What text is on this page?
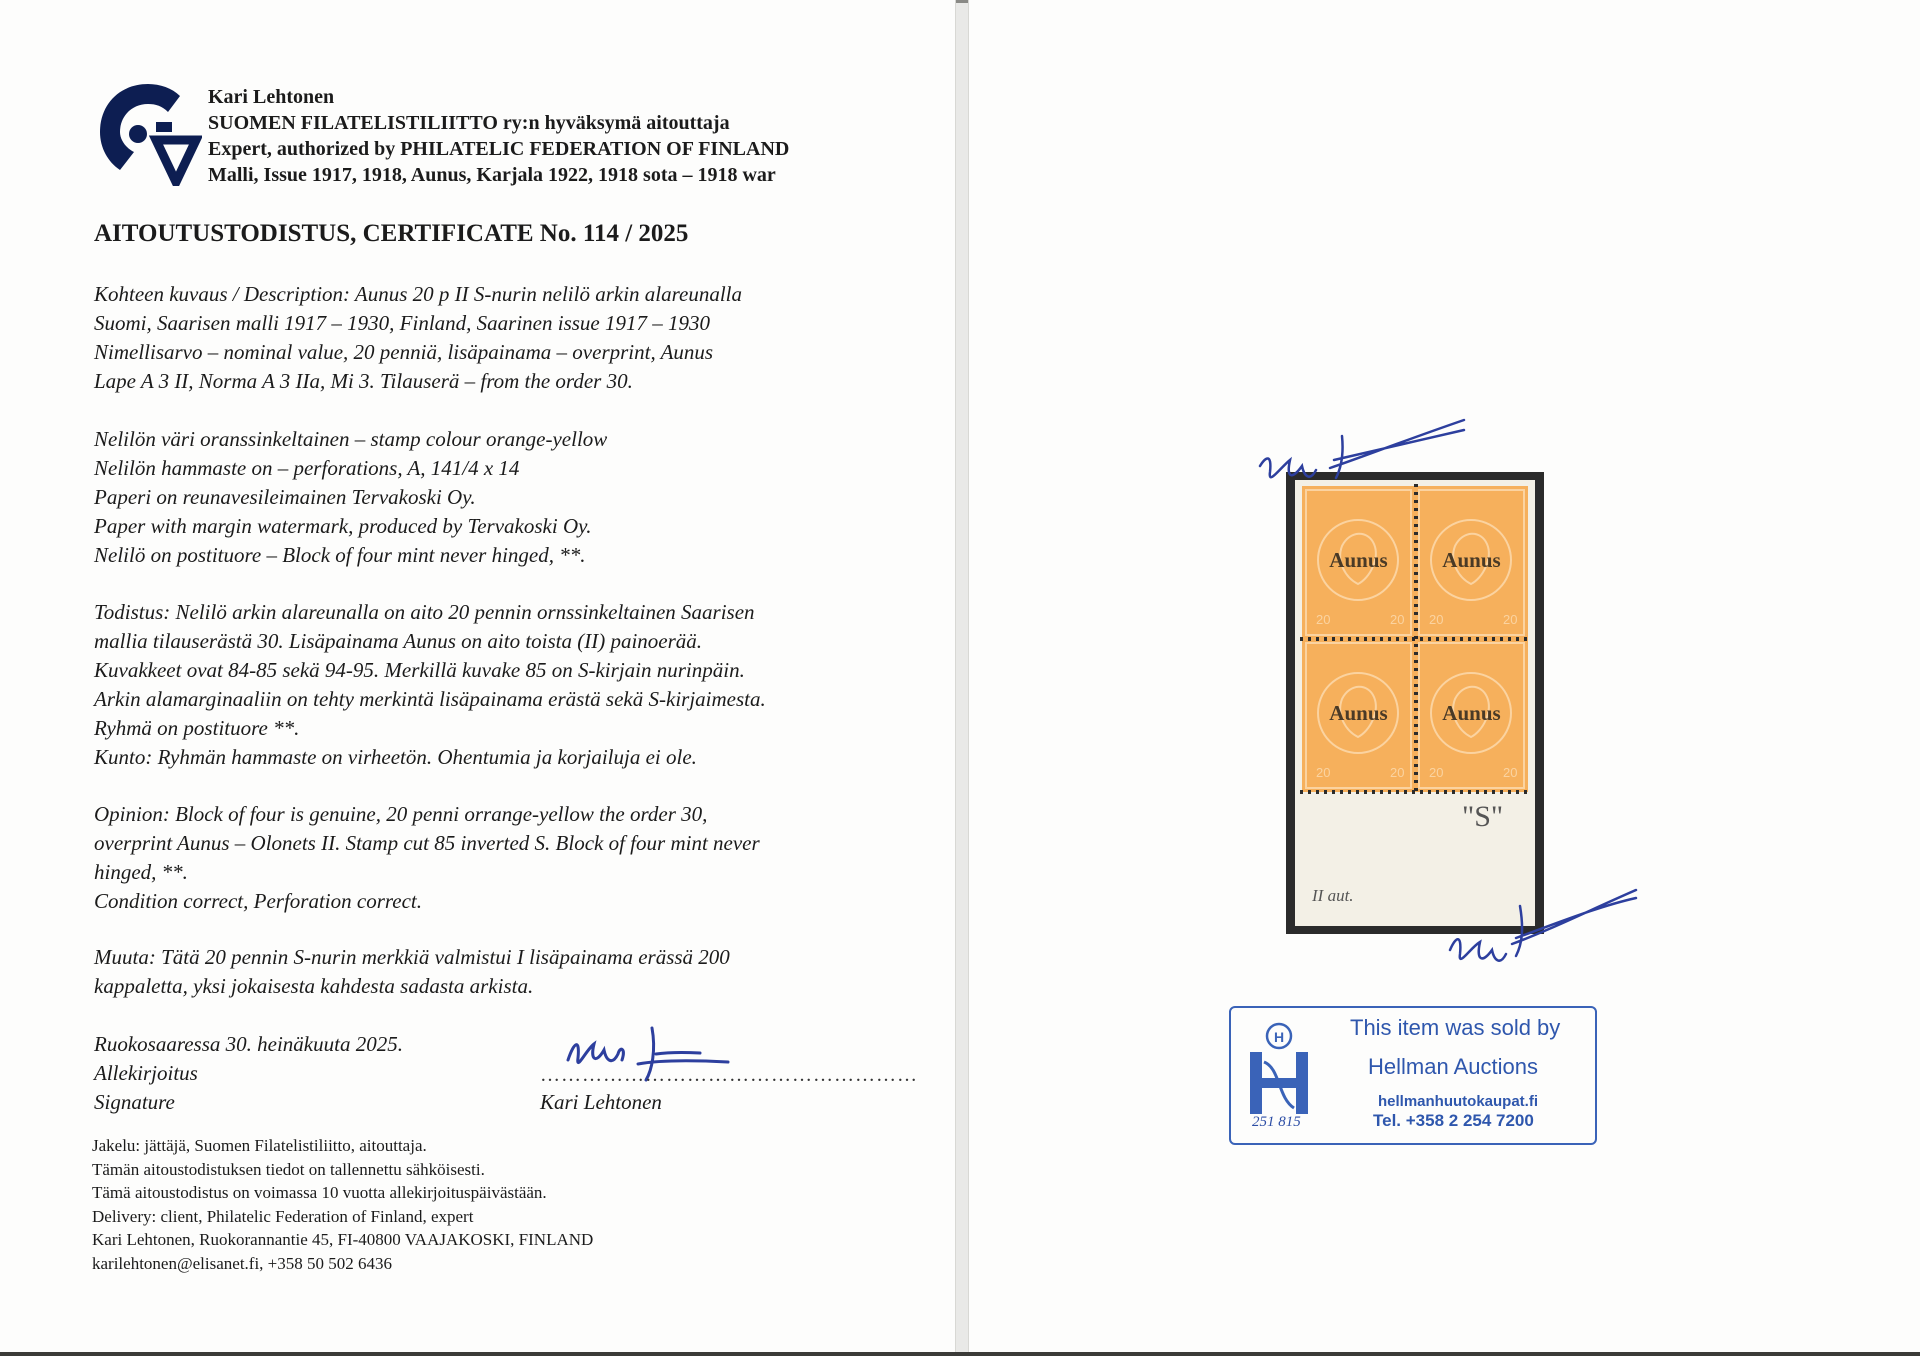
Kari Lehtonen
SUOMEN FILATELISTILIITTO ry:n hyväksymä aitouttaja
Expert, authorized by PHILATELIC FEDERATION OF FINLAND
Malli, Issue 1917, 1918, Aunus, Karjala 1922, 1918 sota – 1918 war
AITOUTUSTODISTUS, CERTIFICATE No. 114 / 2025
Kohteen kuvaus / Description: Aunus 20 p II S-nurin nelilö arkin alareunalla
Suomi, Saarisen malli 1917 – 1930, Finland, Saarinen issue 1917 – 1930
Nimellisarvo – nominal value, 20 penniä, lisäpainama – overprint, Aunus
Lape A 3 II, Norma A 3 IIa, Mi 3. Tilauserä – from the order 30.
Nelilön väri oranssinkeltainen – stamp colour orange-yellow
Nelilön hammaste on – perforations, A, 141/4 x 14
Paperi on reunavesileimainen Tervakoski Oy.
Paper with margin watermark, produced by Tervakoski Oy.
Nelilö on postituore – Block of four mint never hinged, **.
Todistus: Nelilö arkin alareunalla on aito 20 pennin ornssinkeltainen Saarisen
mallia tilauserästä 30. Lisäpainama Aunus on aito toista (II) painoerää.
Kuvakkeet ovat 84-85 sekä 94-95. Merkillä kuvake 85 on S-kirjain nurinpäin.
Arkin alamarginaaliin on tehty merkintä lisäpainama erästä sekä S-kirjaimesta.
Ryhmä on postituore **.
Kunto: Ryhmän hammaste on virheetön. Ohentumia ja korjailuja ei ole.
Opinion: Block of four is genuine, 20 penni orrange-yellow the order 30,
overprint Aunus – Olonets II. Stamp cut 85 inverted S. Block of four mint never
hinged, **.
Condition correct, Perforation correct.
Muuta: Tätä 20 pennin S-nurin merkkiä valmistui I lisäpainama erässä 200
kappaletta, yksi jokaisesta kahdesta sadasta arkista.
Ruokosaaressa 30. heinäkuuta 2025.
Allekirjoitus
Signature
………………………………………………
Kari Lehtonen
Jakelu: jättäjä, Suomen Filatelistiliitto, aitouttaja.
Tämän aitoustodistuksen tiedot on tallennettu sähköisesti.
Tämä aitoustodistus on voimassa 10 vuotta allekirjoituspäivästään.
Delivery: client, Philatelic Federation of Finland, expert
Kari Lehtonen, Ruokorannantie 45, FI-40800 VAAJAKOSKI, FINLAND
karilehtonen@elisanet.fi, +358 50 502 6436
20	20
Aunus
20	20
Aunus
20	20
Aunus
20	20
Aunus
"S"
II aut.
H
251 815
This item was sold by
Hellman Auctions
hellmanhuutokaupat.fi
Tel. +358 2 254 7200
